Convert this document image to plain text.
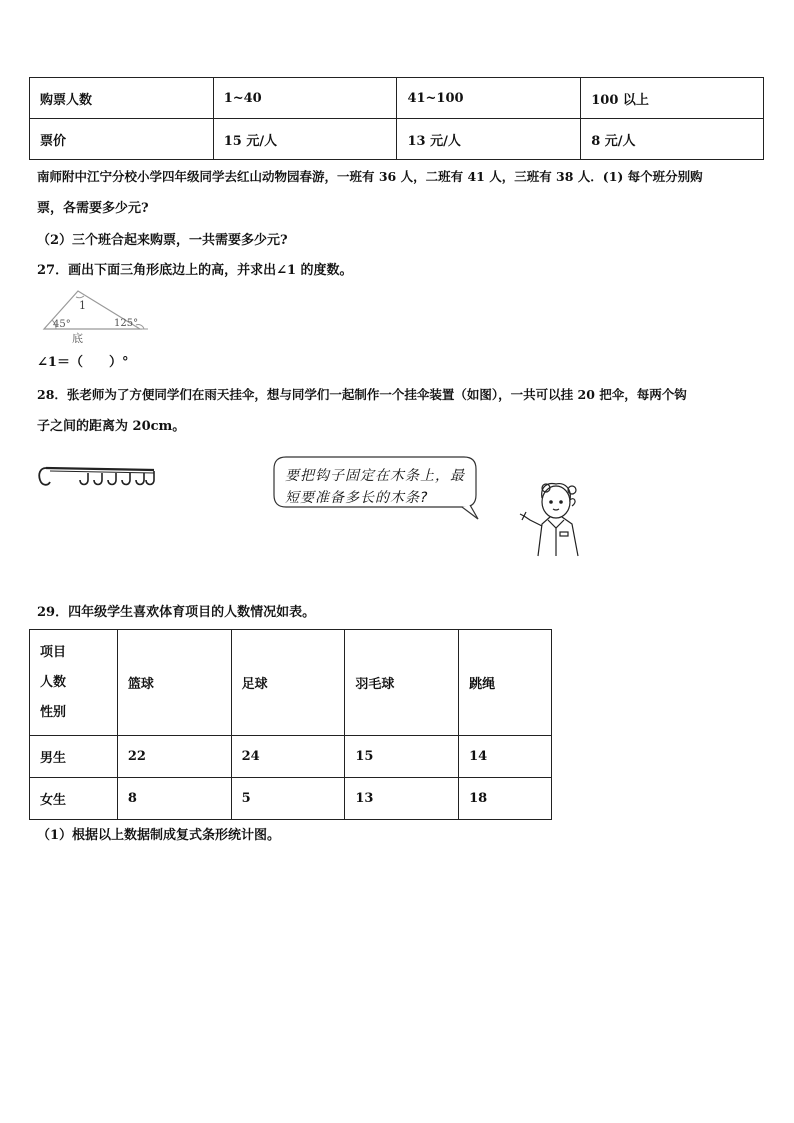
购票人数	1~40	41~100	100 以上
票价	15 元/人	13 元/人	8 元/人
南师附中江宁分校小学四年级同学去红山动物园春游，一班有 36 人，二班有 41 人，三班有 38 人．(1) 每个班分别购
票，各需要多少元?
（2）三个班合起来购票，一共需要多少元?
27．画出下面三角形底边上的高，并求出∠1 的度数。
1
45°	125°
底
∠1＝（　　）°
28．张老师为了方便同学们在雨天挂伞，想与同学们一起制作一个挂伞装置（如图），一共可以挂 20 把伞，每两个钩
子之间的距离为 20cm。
要把钩子固定在木条上，最
短要准备多长的木条?
29．四年级学生喜欢体育项目的人数情况如表。
项目
人数
性别	篮球	足球	羽毛球	跳绳
男生	22	24	15	14
女生	8	5	13	18
（1）根据以上数据制成复式条形统计图。
